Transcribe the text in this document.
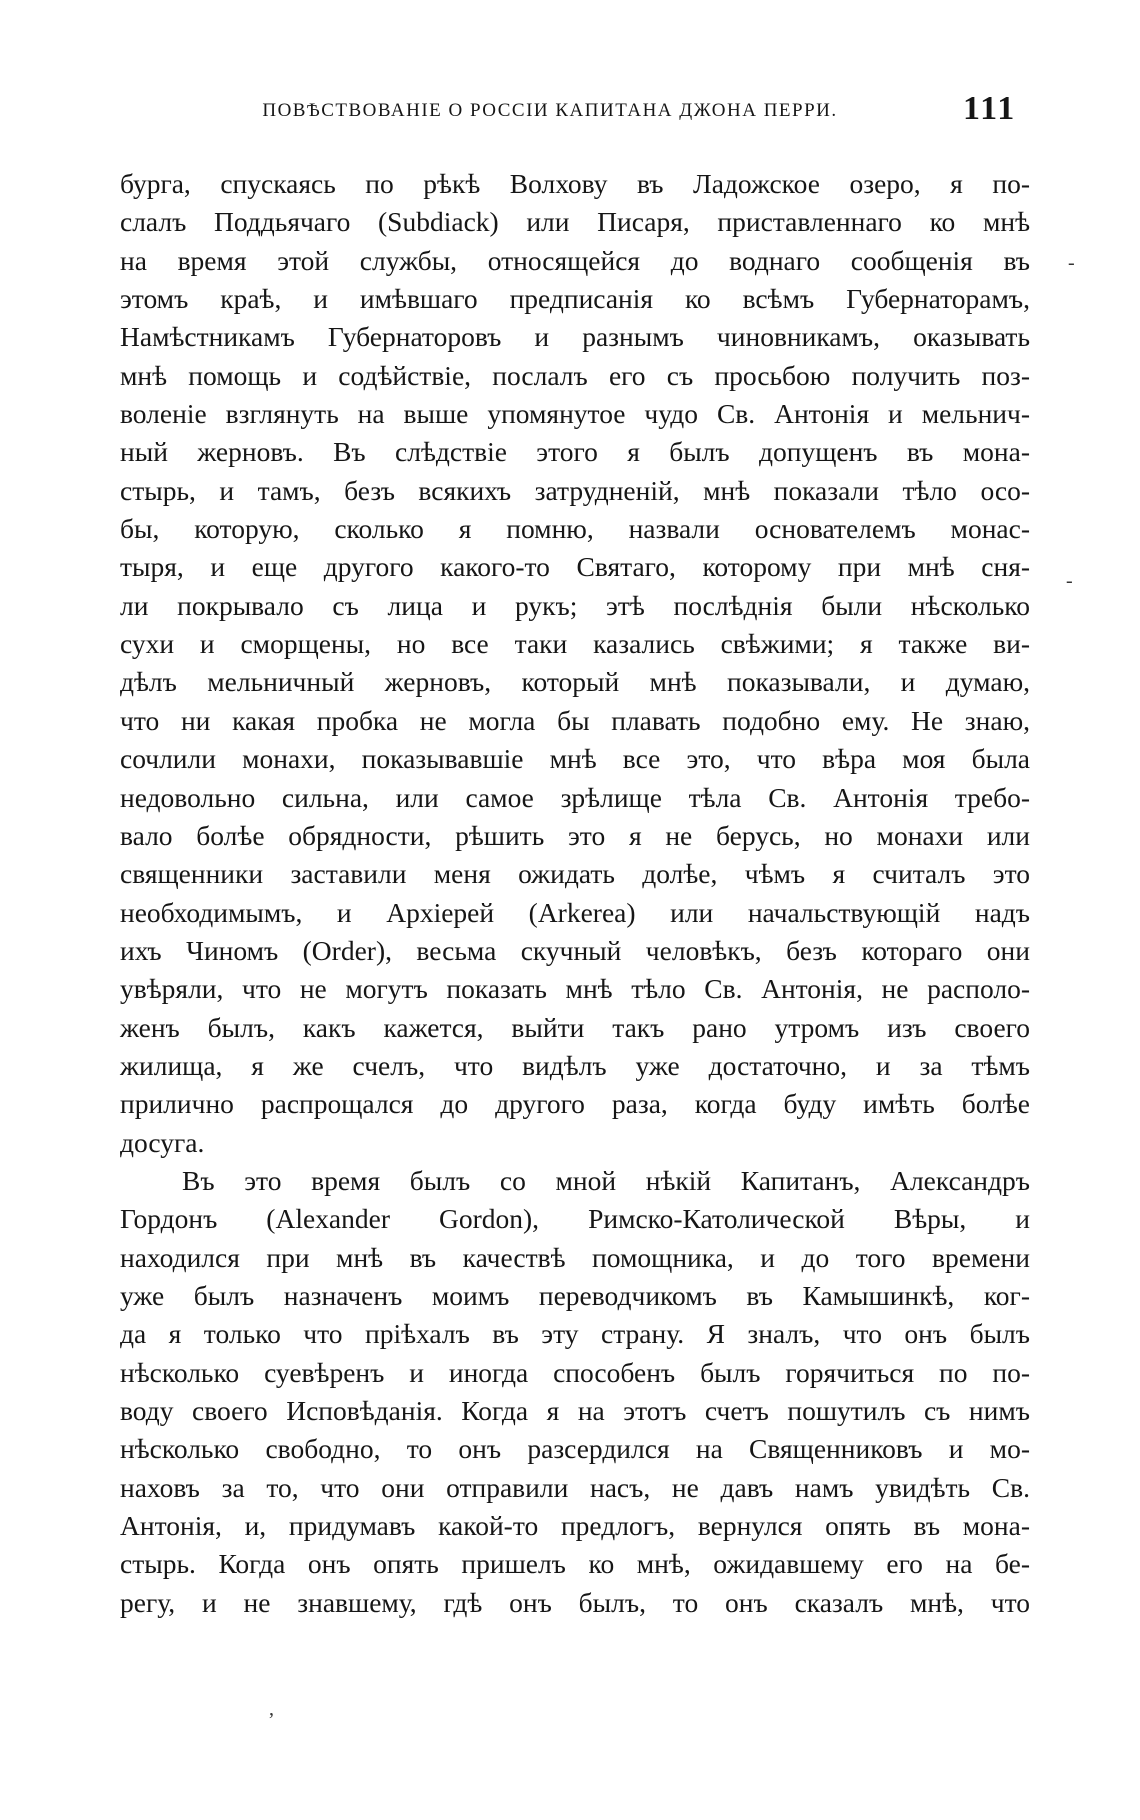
ПОВѢСТВОВАНІЕ О РОССІИ КАПИТАНА ДЖОНА ПЕРРИ.	111
бурга, спускаясь по рѣкѣ Волхову въ Ладожское озеро, я по-
слалъ Поддьячаго (Subdiack) или Писаря, приставленнаго ко мнѣ
на время этой службы, относящейся до воднаго сообщенія въ
этомъ краѣ, и имѣвшаго предписанія ко всѣмъ Губернаторамъ,
Намѣстникамъ Губернаторовъ и разнымъ чиновникамъ, оказывать
мнѣ помощь и содѣйствіе, послалъ его съ просьбою получить поз-
воленіе взглянуть на выше упомянутое чудо Св. Антонія и мельнич-
ный жерновъ. Въ слѣдствіе этого я былъ допущенъ въ мона-
стырь, и тамъ, безъ всякихъ затрудненій, мнѣ показали тѣло осо-
бы, которую, сколько я помню, назвали основателемъ монас-
тыря, и еще другого какого-то Святаго, которому при мнѣ сня-
ли покрывало съ лица и рукъ; этѣ послѣднія были нѣсколько
сухи и сморщены, но все таки казались свѣжими; я также ви-
дѣлъ мельничный жерновъ, который мнѣ показывали, и думаю,
что ни какая пробка не могла бы плавать подобно ему. Не знаю,
сочлили монахи, показывавшіе мнѣ все это, что вѣра моя была
недовольно сильна, или самое зрѣлище тѣла Св. Антонія требо-
вало болѣе обрядности, рѣшить это я не берусь, но монахи или
священники заставили меня ожидать долѣе, чѣмъ я считалъ это
необходимымъ, и Архіерей (Arkerea) или начальствующій надъ
ихъ Чиномъ (Order), весьма скучный человѣкъ, безъ котораго они
увѣряли, что не могутъ показать мнѣ тѣло Св. Антонія, не располо-
женъ былъ, какъ кажется, выйти такъ рано утромъ изъ своего
жилища, я же счелъ, что видѣлъ уже достаточно, и за тѣмъ
прилично распрощался до другого раза, когда буду имѣть болѣе
досуга.
Въ это время былъ со мной нѣкій Капитанъ, Александръ
Гордонъ (Alexander Gordon), Римско-Католической Вѣры, и
находился при мнѣ въ качествѣ помощника, и до того времени
уже былъ назначенъ моимъ переводчикомъ въ Камышинкѣ, ког-
да я только что пріѣхалъ въ эту страну. Я зналъ, что онъ былъ
нѣсколько суевѣренъ и иногда способенъ былъ горячиться по по-
воду своего Исповѣданія. Когда я на этотъ счетъ пошутилъ съ нимъ
нѣсколько свободно, то онъ разсердился на Священниковъ и мо-
наховъ за то, что они отправили насъ, не давъ намъ увидѣть Св.
Антонія, и, придумавъ какой-то предлогъ, вернулся опять въ мона-
стырь. Когда онъ опять пришелъ ко мнѣ, ожидавшему его на бе-
регу, и не знавшему, гдѣ онъ былъ, то онъ сказалъ мнѣ, что
-
-
‚
